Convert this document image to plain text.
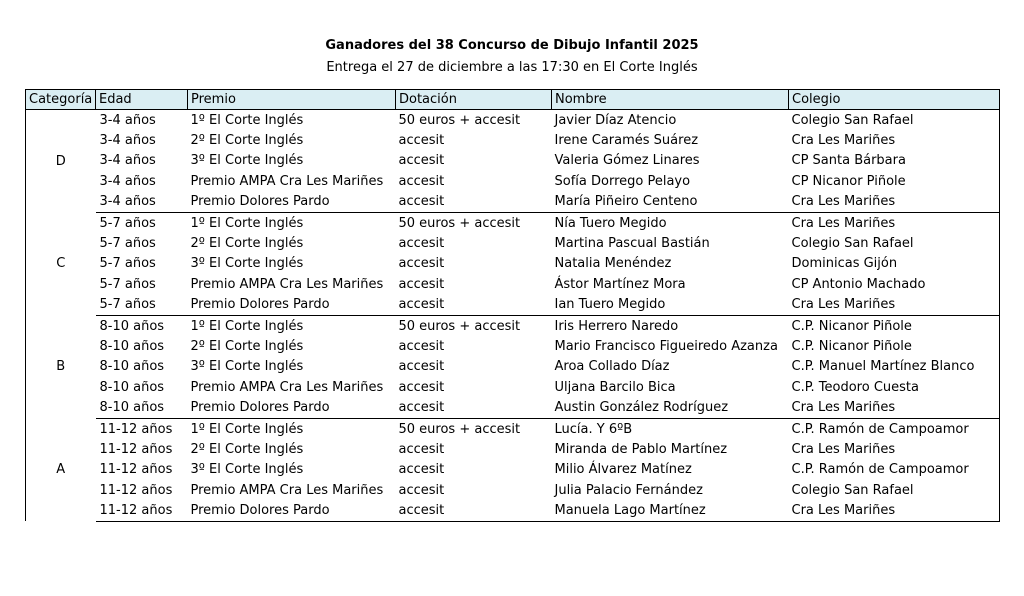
Ganadores del 38 Concurso de Dibujo Infantil 2025
Entrega el 27 de diciembre a las 17:30 en El Corte Inglés
Categoría	Edad	Premio	Dotación	Nombre	Colegio
D	3-4 años	1º El Corte Inglés	50 euros + accesit	Javier Díaz Atencio	Colegio San Rafael
	3-4 años	2º El Corte Inglés	accesit	Irene Caramés Suárez	Cra Les Mariñes
	3-4 años	3º El Corte Inglés	accesit	Valeria Gómez Linares	CP Santa Bárbara
	3-4 años	Premio AMPA Cra Les Mariñes	accesit	Sofía Dorrego Pelayo	CP Nicanor Piñole
	3-4 años	Premio Dolores Pardo	accesit	María Piñeiro Centeno	Cra Les Mariñes
C	5-7 años	1º El Corte Inglés	50 euros + accesit	Nía Tuero Megido	Cra Les Mariñes
	5-7 años	2º El Corte Inglés	accesit	Martina Pascual Bastián	Colegio San Rafael
	5-7 años	3º El Corte Inglés	accesit	Natalia Menéndez	Dominicas Gijón
	5-7 años	Premio AMPA Cra Les Mariñes	accesit	Ástor Martínez Mora	CP Antonio Machado
	5-7 años	Premio Dolores Pardo	accesit	Ian Tuero Megido	Cra Les Mariñes
B	8-10 años	1º El Corte Inglés	50 euros + accesit	Iris Herrero Naredo	C.P. Nicanor Piñole
	8-10 años	2º El Corte Inglés	accesit	Mario Francisco Figueiredo Azanza	C.P. Nicanor Piñole
	8-10 años	3º El Corte Inglés	accesit	Aroa Collado Díaz	C.P. Manuel Martínez Blanco
	8-10 años	Premio AMPA Cra Les Mariñes	accesit	Uljana Barcilo Bica	C.P. Teodoro Cuesta
	8-10 años	Premio Dolores Pardo	accesit	Austin González Rodríguez	Cra Les Mariñes
A	11-12 años	1º El Corte Inglés	50 euros + accesit	Lucía. Y 6ºB	C.P. Ramón de Campoamor
	11-12 años	2º El Corte Inglés	accesit	Miranda de Pablo Martínez	Cra Les Mariñes
	11-12 años	3º El Corte Inglés	accesit	Milio Álvarez Matínez	C.P. Ramón de Campoamor
	11-12 años	Premio AMPA Cra Les Mariñes	accesit	Julia Palacio Fernández	Colegio San Rafael
	11-12 años	Premio Dolores Pardo	accesit	Manuela Lago Martínez	Cra Les Mariñes
